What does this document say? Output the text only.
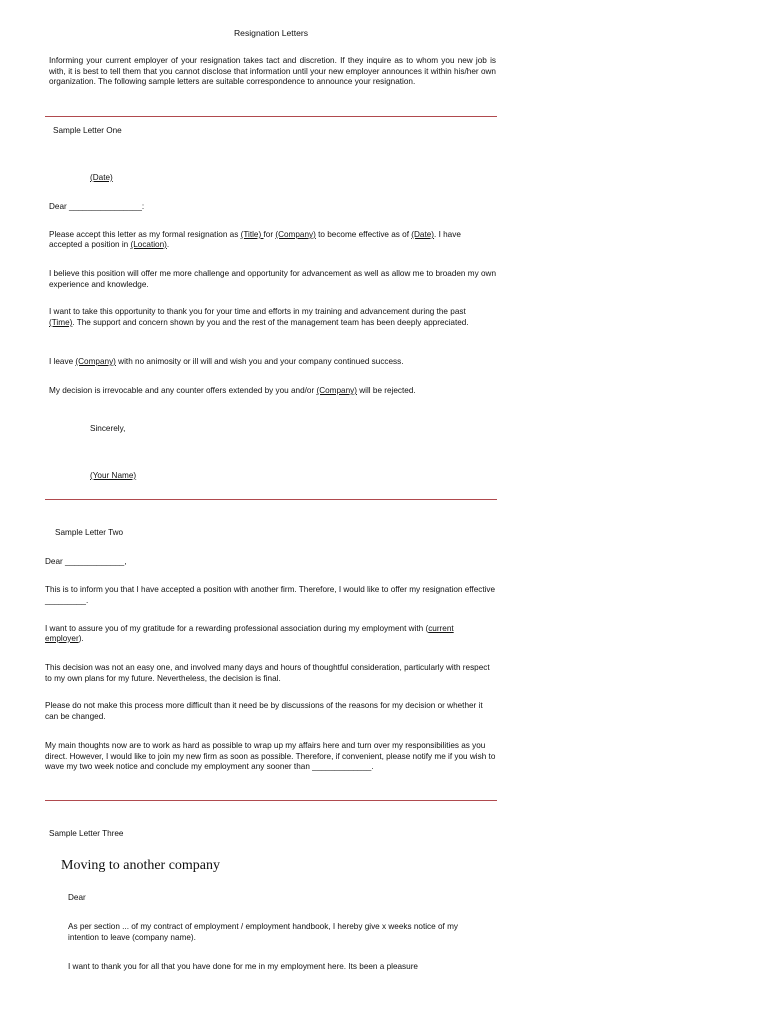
Resignation Letters
Informing your current employer of your resignation takes tact and discretion. If they inquire as to whom you new job is with, it is best to tell them that you cannot disclose that information until your new employer announces it within his/her own organization. The following sample letters are suitable correspondence to announce your resignation.
Sample Letter One
(Date)
Dear ________________:
Please accept this letter as my formal resignation as (Title) for (Company) to become effective as of (Date). I have
accepted a position in (Location).
I believe this position will offer me more challenge and opportunity for advancement as well as allow me to broaden my own experience and knowledge.
I want to take this opportunity to thank you for your time and efforts in my training and advancement during the past
(Time). The support and concern shown by you and the rest of the management team has been deeply appreciated.
I leave (Company) with no animosity or ill will and wish you and your company continued success.
My decision is irrevocable and any counter offers extended by you and/or (Company) will be rejected.
Sincerely,
(Your Name)
Sample Letter Two
Dear _____________,
This is to inform you that I have accepted a position with another firm. Therefore, I would like to offer my resignation effective _________.
I want to assure you of my gratitude for a rewarding professional association during my employment with (current
employer).
This decision was not an easy one, and involved many days and hours of thoughtful consideration, particularly with respect to my own plans for my future. Nevertheless, the decision is final.
Please do not make this process more difficult than it need be by discussions of the reasons for my decision or whether it can be changed.
My main thoughts now are to work as hard as possible to wrap up my affairs here and turn over my responsibilities as you direct. However, I would like to join my new firm as soon as possible. Therefore, if convenient, please notify me if you wish to wave my two week notice and conclude my employment any sooner than _____________.
Sample Letter Three
Moving to another company
Dear
As per section ... of my contract of employment / employment handbook, I hereby give x weeks notice of my intention to leave (company name).
I want to thank you for all that you have done for me in my employment here. Its been a pleasure
